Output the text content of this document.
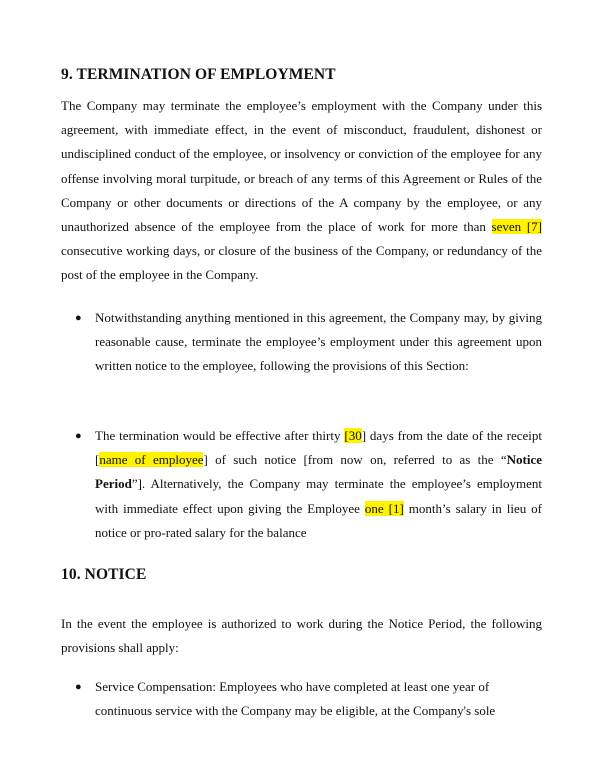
9. TERMINATION OF EMPLOYMENT

The Company may terminate the employee’s employment with the Company under this agreement, with immediate effect, in the event of misconduct, fraudulent, dishonest or undisciplined conduct of the employee, or insolvency or conviction of the employee for any offense involving moral turpitude, or breach of any terms of this Agreement or Rules of the Company or other documents or directions of the A company by the employee, or any unauthorized absence of the employee from the place of work for more than seven [7] consecutive working days, or closure of the business of the Company, or redundancy of the post of the employee in the Company.

● Notwithstanding anything mentioned in this agreement, the Company may, by giving reasonable cause, terminate the employee’s employment under this agreement upon written notice to the employee, following the provisions of this Section:

● The termination would be effective after thirty [30] days from the date of the receipt [name of employee] of such notice [from now on, referred to as the “Notice Period”]. Alternatively, the Company may terminate the employee’s employment with immediate effect upon giving the Employee one [1] month’s salary in lieu of notice or pro-rated salary for the balance

10. NOTICE

In the event the employee is authorized to work during the Notice Period, the following provisions shall apply:

● Service Compensation: Employees who have completed at least one year of continuous service with the Company may be eligible, at the Company's sole
